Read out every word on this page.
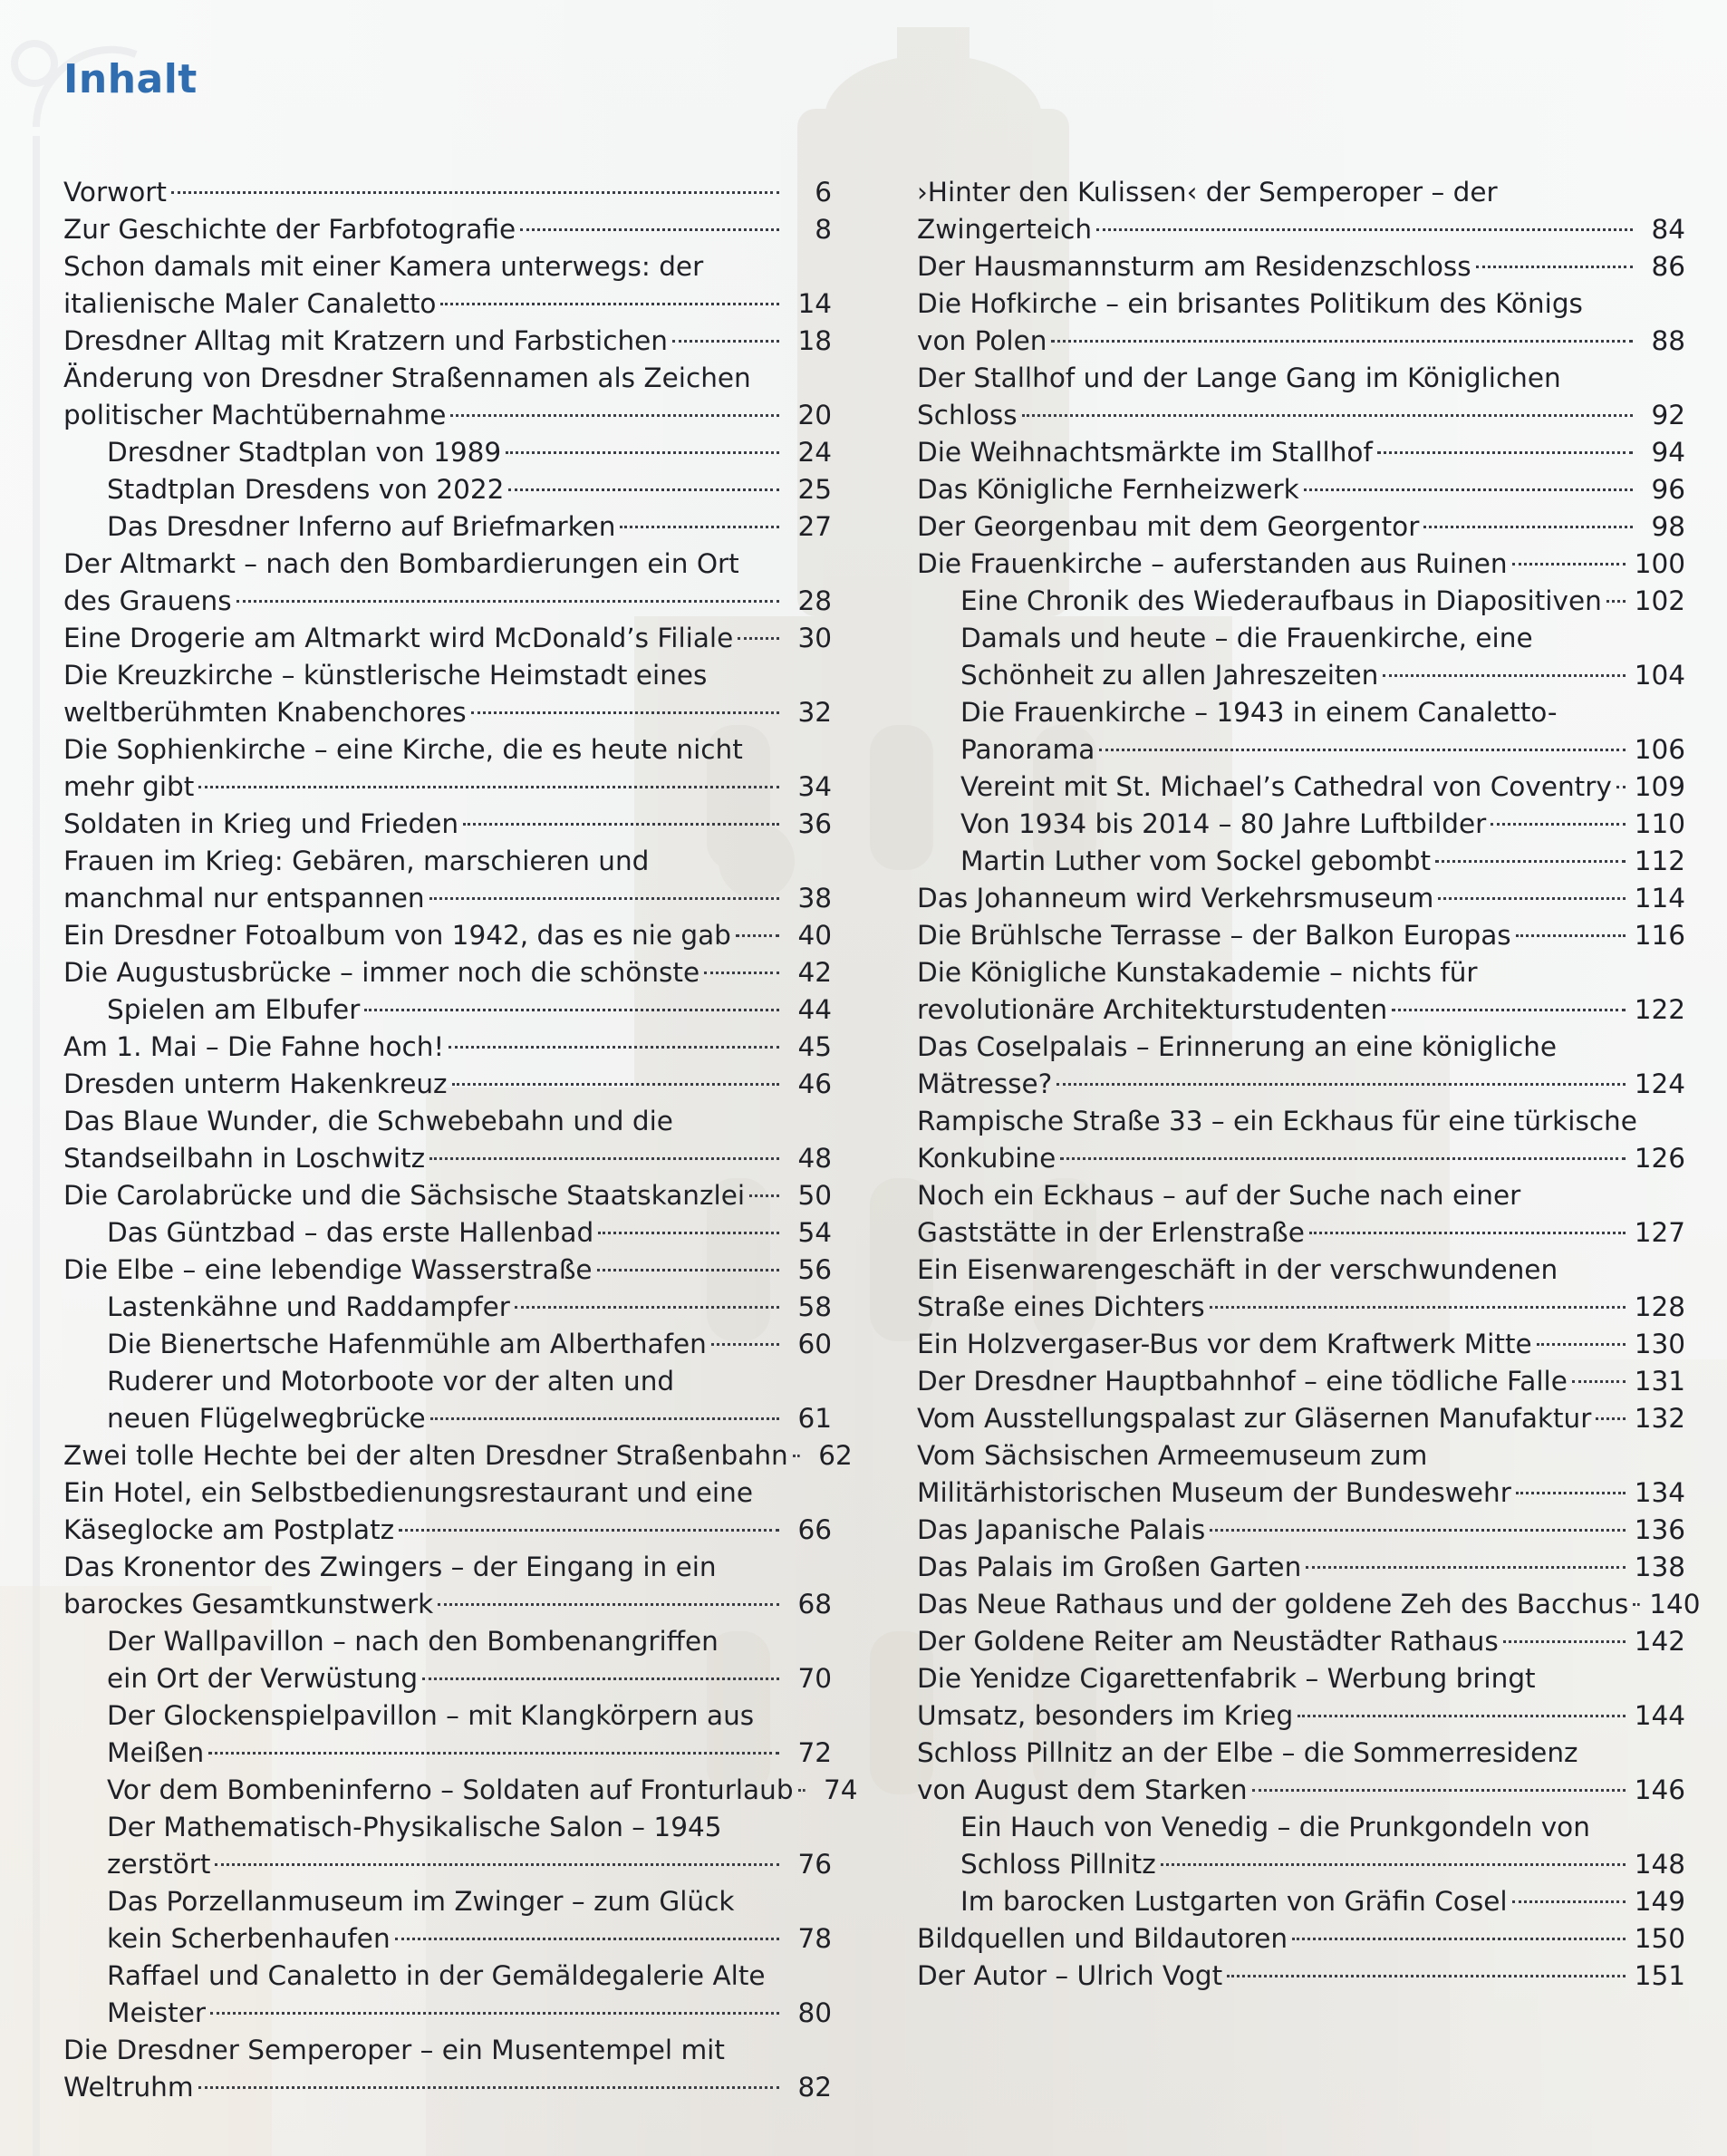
Inhalt
Vorwort	6
Zur Geschichte der Farbfotografie	8
Schon damals mit einer Kamera unterwegs: der
italienische Maler Canaletto	14
Dresdner Alltag mit Kratzern und Farbstichen	18
Änderung von Dresdner Straßennamen als Zeichen
politischer Machtübernahme	20
Dresdner Stadtplan von 1989	24
Stadtplan Dresdens von 2022	25
Das Dresdner Inferno auf Briefmarken	27
Der Altmarkt – nach den Bombardierungen ein Ort
des Grauens	28
Eine Drogerie am Altmarkt wird McDonald’s Filiale	30
Die Kreuzkirche – künstlerische Heimstadt eines
weltberühmten Knabenchores	32
Die Sophienkirche – eine Kirche, die es heute nicht
mehr gibt	34
Soldaten in Krieg und Frieden	36
Frauen im Krieg: Gebären, marschieren und
manchmal nur entspannen	38
Ein Dresdner Fotoalbum von 1942, das es nie gab	40
Die Augustusbrücke – immer noch die schönste	42
Spielen am Elbufer	44
Am 1. Mai – Die Fahne hoch!	45
Dresden unterm Hakenkreuz	46
Das Blaue Wunder, die Schwebebahn und die
Standseilbahn in Loschwitz	48
Die Carolabrücke und die Sächsische Staatskanzlei	50
Das Güntzbad – das erste Hallenbad	54
Die Elbe – eine lebendige Wasserstraße	56
Lastenkähne und Raddampfer	58
Die Bienertsche Hafenmühle am Alberthafen	60
Ruderer und Motorboote vor der alten und
neuen Flügelwegbrücke	61
Zwei tolle Hechte bei der alten Dresdner Straßenbahn	62
Ein Hotel, ein Selbstbedienungsrestaurant und eine
Käseglocke am Postplatz	66
Das Kronentor des Zwingers – der Eingang in ein
barockes Gesamtkunstwerk	68
Der Wallpavillon – nach den Bombenangriffen
ein Ort der Verwüstung	70
Der Glockenspielpavillon – mit Klangkörpern aus
Meißen	72
Vor dem Bombeninferno – Soldaten auf Fronturlaub	74
Der Mathematisch-Physikalische Salon – 1945
zerstört	76
Das Porzellanmuseum im Zwinger – zum Glück
kein Scherbenhaufen	78
Raffael und Canaletto in der Gemäldegalerie Alte
Meister	80
Die Dresdner Semperoper – ein Musentempel mit
Weltruhm	82
›Hinter den Kulissen‹ der Semperoper – der
Zwingerteich	84
Der Hausmannsturm am Residenzschloss	86
Die Hofkirche – ein brisantes Politikum des Königs
von Polen	88
Der Stallhof und der Lange Gang im Königlichen
Schloss	92
Die Weihnachtsmärkte im Stallhof	94
Das Königliche Fernheizwerk	96
Der Georgenbau mit dem Georgentor	98
Die Frauenkirche – auferstanden aus Ruinen	100
Eine Chronik des Wiederaufbaus in Diapositiven 102
Damals und heute – die Frauenkirche, eine
Schönheit zu allen Jahreszeiten	104
Die Frauenkirche – 1943 in einem Canaletto-
Panorama	106
Vereint mit St. Michael’s Cathedral von Coventry 109
Von 1934 bis 2014 – 80 Jahre Luftbilder	110
Martin Luther vom Sockel gebombt	112
Das Johanneum wird Verkehrsmuseum	114
Die Brühlsche Terrasse – der Balkon Europas	116
Die Königliche Kunstakademie – nichts für
revolutionäre Architekturstudenten	122
Das Coselpalais – Erinnerung an eine königliche
Mätresse?	124
Rampische Straße 33 – ein Eckhaus für eine türkische
Konkubine	126
Noch ein Eckhaus – auf der Suche nach einer
Gaststätte in der Erlenstraße	127
Ein Eisenwarengeschäft in der verschwundenen
Straße eines Dichters	128
Ein Holzvergaser-Bus vor dem Kraftwerk Mitte	130
Der Dresdner Hauptbahnhof – eine tödliche Falle	131
Vom Ausstellungspalast zur Gläsernen Manufaktur 132
Vom Sächsischen Armeemuseum zum
Militärhistorischen Museum der Bundeswehr	134
Das Japanische Palais	136
Das Palais im Großen Garten	138
Das Neue Rathaus und der goldene Zeh des Bacchus 140
Der Goldene Reiter am Neustädter Rathaus	142
Die Yenidze Cigarettenfabrik – Werbung bringt
Umsatz, besonders im Krieg	144
Schloss Pillnitz an der Elbe – die Sommerresidenz
von August dem Starken	146
Ein Hauch von Venedig – die Prunkgondeln von
Schloss Pillnitz	148
Im barocken Lustgarten von Gräfin Cosel	149
Bildquellen und Bildautoren	150
Der Autor – Ulrich Vogt	151
